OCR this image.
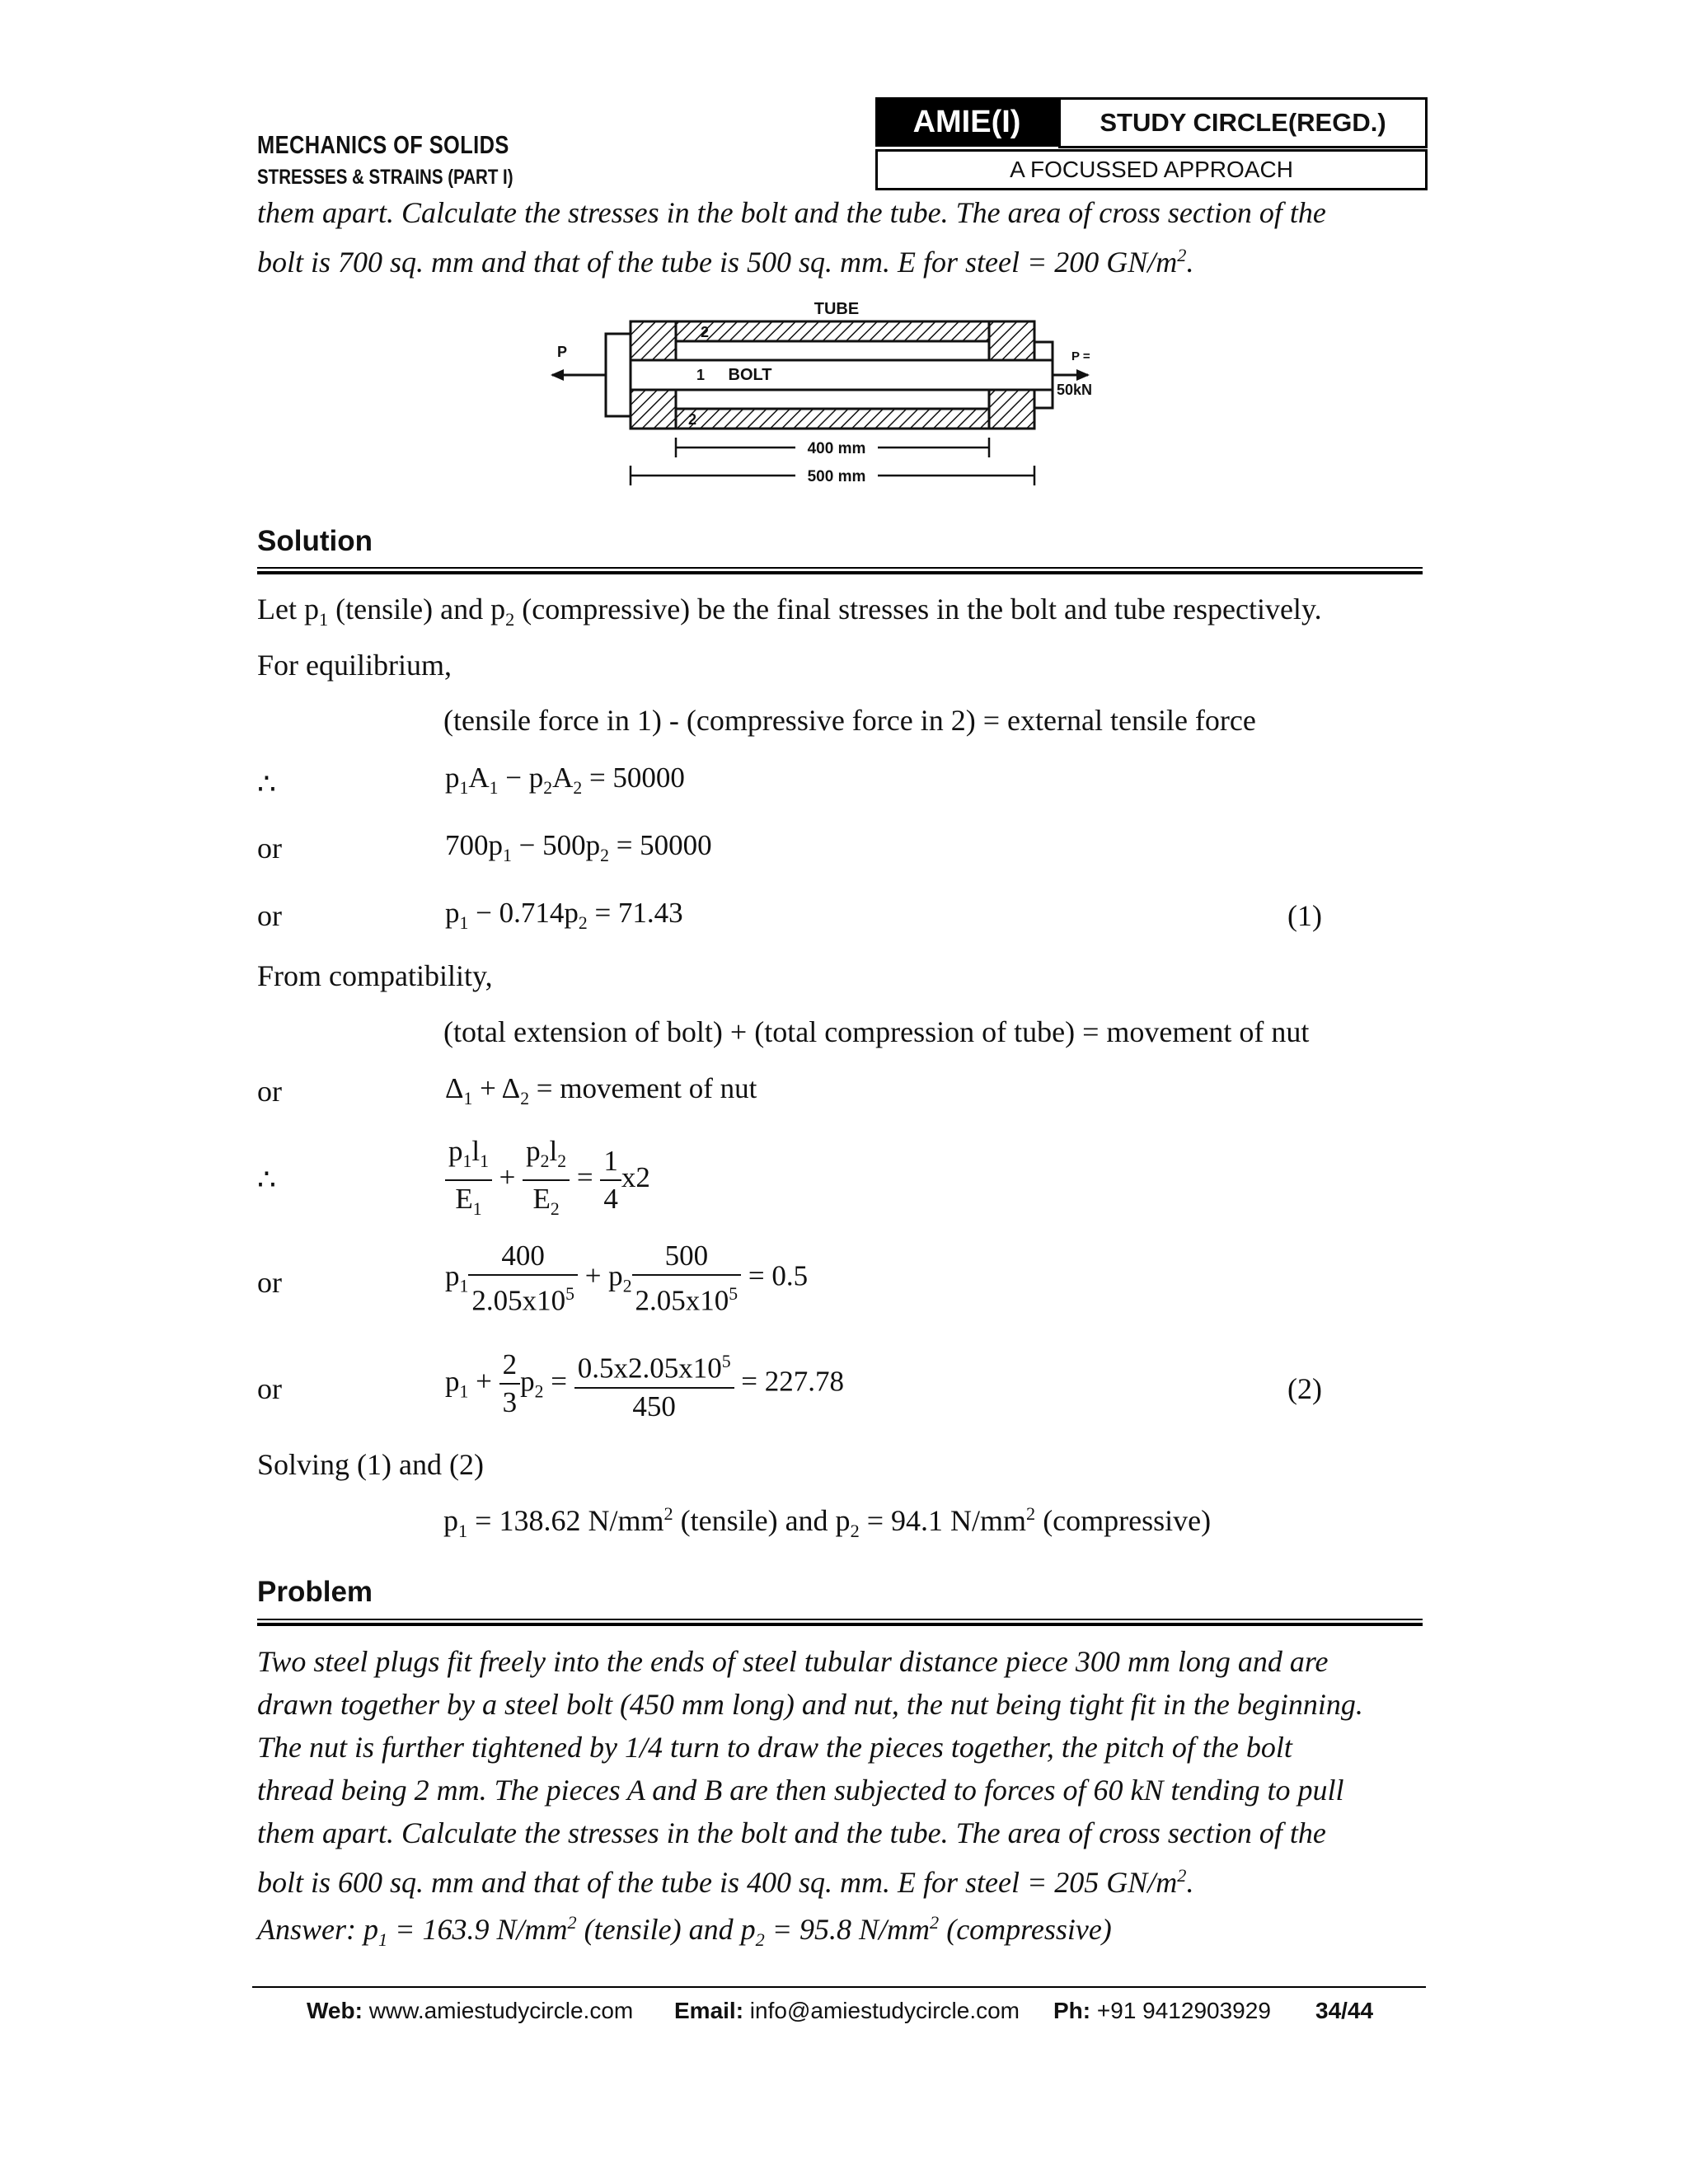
MECHANICS OF SOLIDS
STRESSES & STRAINS (PART I)
AMIE(I)	STUDY CIRCLE(REGD.)
A FOCUSSED APPROACH
them apart. Calculate the stresses in the bolt and the tube. The area of cross section of the
bolt is 700 sq. mm and that of the tube is 500 sq. mm. E for steel = 200 $GN/m^2$.
TUBE
BOLT
1
2
2
P	P =
50kN
400 mm
500 mm
Solution
Let $p_1$ (tensile) and $p_2$ (compressive) be the final stresses in the bolt and tube respectively.
For equilibrium,
(tensile force in 1) - (compressive force in 2) = external tensile force
∴	$p_1A_1 - p_2A_2 = 50000$
or	$700p_1 - 500p_2 = 50000$
or	$p_1 - 0.714p_2 = 71.43$	(1)
From compatibility,
(total extension of bolt) + (total compression of tube) = movement of nut
or	$\Delta_1 + \Delta_2$ = movement of nut
∴	$\frac{p_1l_1}{E_1} + \frac{p_2l_2}{E_2} = \frac{1}{4} x2$
or	$p_1 \frac{400}{2.05x10^5} + p_2 \frac{500}{2.05x10^5} = 0.5$
or	$p_1 + \frac{2}{3} p_2 = \frac{0.5x2.05x10^5}{450} = 227.78$	(2)
Solving (1) and (2)
$p_1 = 138.62$ $N/mm^2$ (tensile) and $p_2 = 94.1$ $N/mm^2$ (compressive)
Problem
Two steel plugs fit freely into the ends of steel tubular distance piece 300 mm long and are
drawn together by a steel bolt (450 mm long) and nut, the nut being tight fit in the beginning.
The nut is further tightened by 1/4 turn to draw the pieces together, the pitch of the bolt
thread being 2 mm. The pieces A and B are then subjected to forces of 60 kN tending to pull
them apart. Calculate the stresses in the bolt and the tube. The area of cross section of the
bolt is 600 sq. mm and that of the tube is 400 sq. mm. E for steel = 205 $GN/m^2$.
Answer: $p_1 = 163.9$ $N/mm^2$ (tensile) and $p_2 = 95.8$ $N/mm^2$ (compressive)
Web: www.amiestudycircle.com Email: info@amiestudycircle.com Ph: +91 9412903929 34/44
